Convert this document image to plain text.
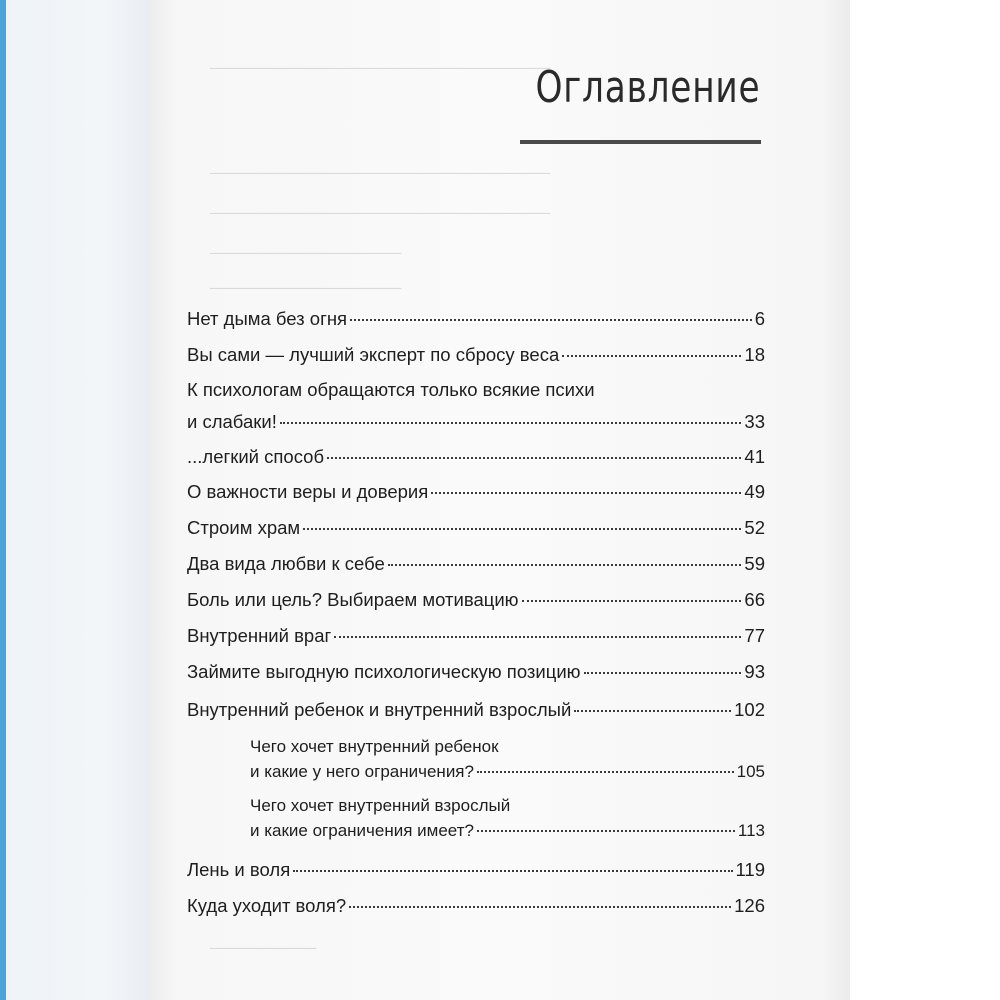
────────────────────────────────
────────────────────────────────
────────────────────────────────
──────────────────
──────────────────
──────────
Оглавление
Нет дыма без огня	6
Вы сами — лучший эксперт по сбросу веса	18
К психологам обращаются только всякие психи
и слабаки!	33
...легкий способ	41
О важности веры и доверия	49
Строим храм	52
Два вида любви к себе	59
Боль или цель? Выбираем мотивацию	66
Внутренний враг	77
Займите выгодную психологическую позицию	93
Внутренний ребенок и внутренний взрослый	102
Чего хочет внутренний ребенок
и какие у него ограничения?	105
Чего хочет внутренний взрослый
и какие ограничения имеет?	113
Лень и воля	119
Куда уходит воля?	126
